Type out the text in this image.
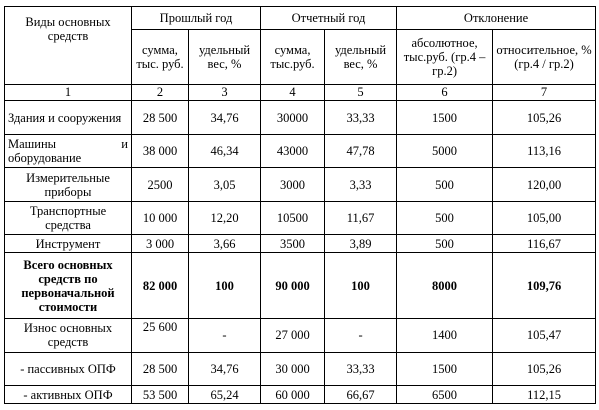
Виды основных средств	Прошлый год		Отчетный год		Отклонение	
	сумма, тыс. руб.	удельный вес, %	сумма, тыс.руб.	удельный вес, %	абсолютное, тыс.руб. (гр.4 – гр.2)	относительное, % (гр.4 / гр.2)
1	2	3	4	5	6	7
Здания и сооружения	28 500	34,76	30000	33,33	1500	105,26
Машины и оборудование	38 000	46,34	43000	47,78	5000	113,16
Измерительные приборы	2500	3,05	3000	3,33	500	120,00
Транспортные средства	10 000	12,20	10500	11,67	500	105,00
Инструмент	3 000	3,66	3500	3,89	500	116,67
Всего основных средств по первоначальной стоимости	82 000	100	90 000	100	8000	109,76
Износ основных средств	25 600	-	27 000	-	1400	105,47
- пассивных ОПФ	28 500	34,76	30 000	33,33	1500	105,26
- активных ОПФ	53 500	65,24	60 000	66,67	6500	112,15
